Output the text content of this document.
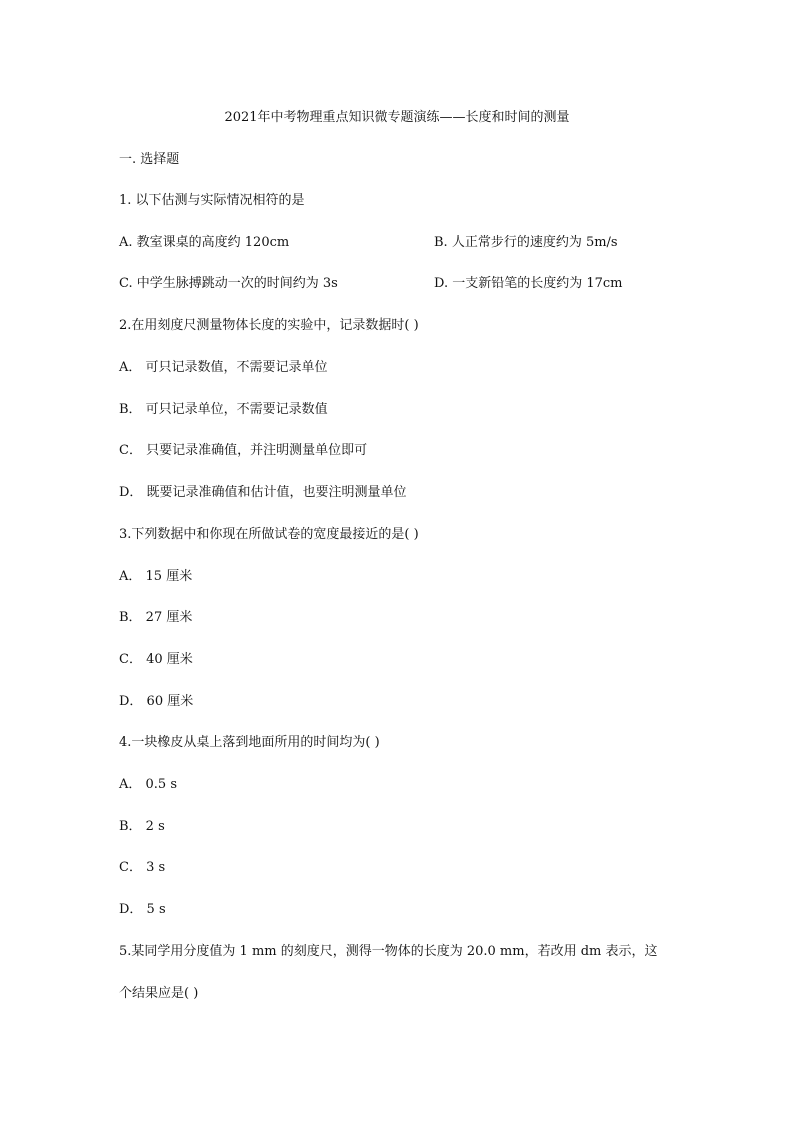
2021年中考物理重点知识微专题演练——长度和时间的测量
一. 选择题
1. 以下估测与实际情况相符的是
A. 教室课桌的高度约 120cm	B. 人正常步行的速度约为 5m/s
C. 中学生脉搏跳动一次的时间约为 3s	D. 一支新铅笔的长度约为 17cm
2.在用刻度尺测量物体长度的实验中，记录数据时( )
A． 可只记录数值，不需要记录单位
B． 可只记录单位，不需要记录数值
C． 只要记录准确值，并注明测量单位即可
D． 既要记录准确值和估计值，也要注明测量单位
3.下列数据中和你现在所做试卷的宽度最接近的是( )
A． 15 厘米
B． 27 厘米
C． 40 厘米
D． 60 厘米
4.一块橡皮从桌上落到地面所用的时间均为( )
A． 0.5 s
B． 2 s
C． 3 s
D． 5 s
5.某同学用分度值为 1 mm 的刻度尺，测得一物体的长度为 20.0 mm，若改用 dm 表示，这
个结果应是( )
